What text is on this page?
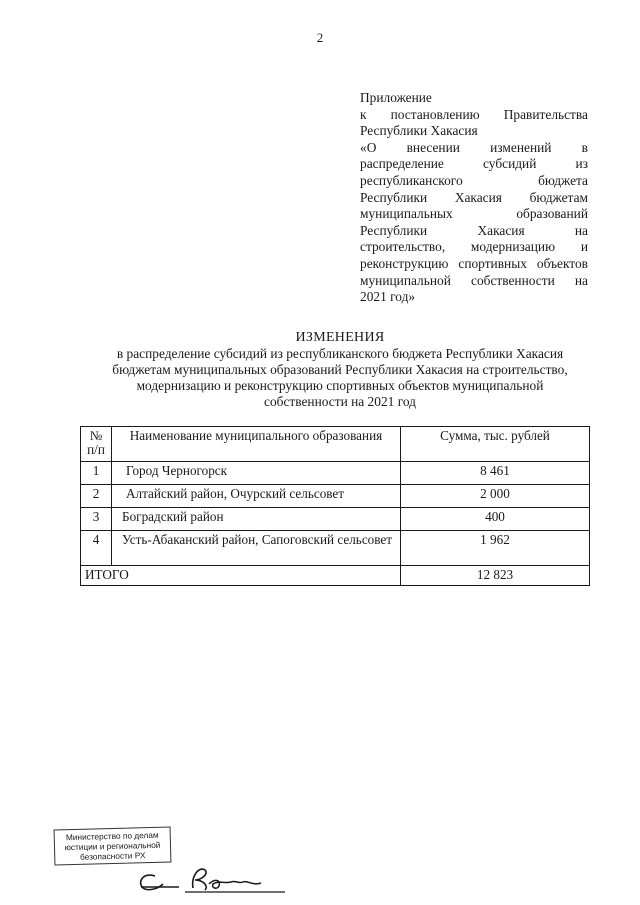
2
Приложение
к постановлению Правительства
Республики Хакасия
«О внесении изменений в
распределение субсидий из
республиканского бюджета
Республики Хакасия бюджетам
муниципальных образований
Республики Хакасия на
строительство, модернизацию и
реконструкцию спортивных объектов
муниципальной собственности на
2021 год»
ИЗМЕНЕНИЯ
в распределение субсидий из республиканского бюджета Республики Хакасия
бюджетам муниципальных образований Республики Хакасия на строительство,
модернизацию и реконструкцию спортивных объектов муниципальной
собственности на 2021 год
№
п/п	Наименование муниципального образования	Сумма, тыс. рублей
1	Город Черногорск	8 461
2	Алтайский район, Очурский сельсовет	2 000
3	Боградский район	400
4	Усть-Абаканский район, Сапоговский сельсовет	1 962
ИТОГО		12 823
Министерство по делам
юстиции и региональной
безопасности РХ
